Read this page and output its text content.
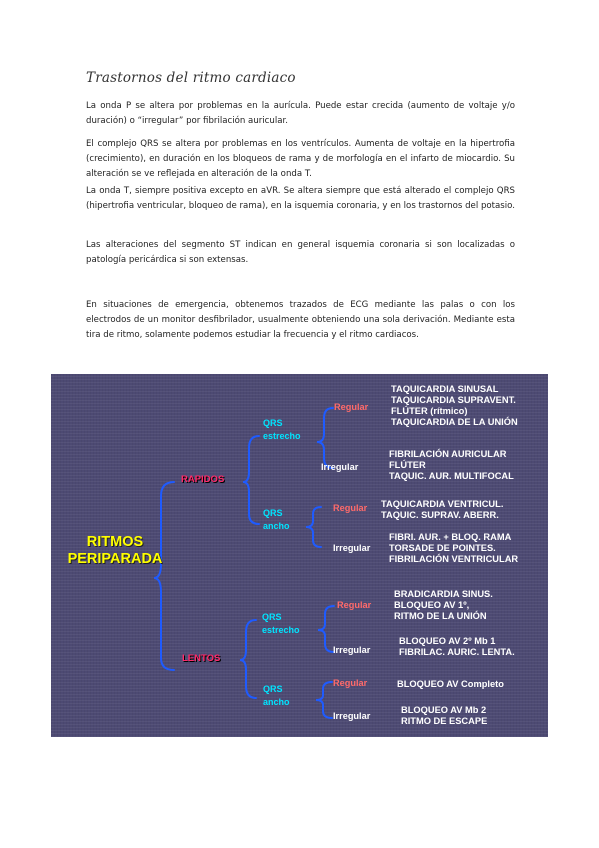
Trastornos del ritmo cardiaco

La onda P se altera por problemas en la aurícula. Puede estar crecida (aumento de voltaje y/o duración) o “irregular” por fibrilación auricular.

El complejo QRS se altera por problemas en los ventrículos. Aumenta de voltaje en la hipertrofia (crecimiento), en duración en los bloqueos de rama y de morfología en el infarto de miocardio. Su alteración se ve reflejada en alteración de la onda T.

La onda T, siempre positiva excepto en aVR. Se altera siempre que está alterado el complejo QRS (hipertrofia ventricular, bloqueo de rama), en la isquemia coronaria, y en los trastornos del potasio.

Las alteraciones del segmento ST indican en general isquemia coronaria si son localizadas o patología pericárdica si son extensas.

En situaciones de emergencia, obtenemos trazados de ECG mediante las palas o con los electrodos de un monitor desfibrilador, usualmente obteniendo una sola derivación. Mediante esta tira de ritmo, solamente podemos estudiar la frecuencia y el ritmo cardiacos.

RITMOS
PERIPARADA
RAPIDOS
LENTOS
QRS
estrecho
QRS
ancho
QRS
estrecho
QRS
ancho
Regular
Irregular
Regular
Irregular
Regular
Irregular
Regular
Irregular
TAQUICARDIA SINUSAL
TAQUICARDIA SUPRAVENT.
FLÚTER (rítmico)
TAQUICARDIA DE LA UNIÓN
FIBRILACIÓN AURICULAR
FLÚTER
TAQUIC. AUR. MULTIFOCAL
TAQUICARDIA VENTRICUL.
TAQUIC. SUPRAV. ABERR.
FIBRI. AUR. + BLOQ. RAMA
TORSADE DE POINTES.
FIBRILACIÓN VENTRICULAR
BRADICARDIA SINUS.
BLOQUEO AV 1º,
RITMO DE LA UNIÓN
BLOQUEO AV 2º Mb 1
FIBRILAC. AURIC. LENTA.
BLOQUEO AV Completo
BLOQUEO AV Mb 2
RITMO DE ESCAPE
